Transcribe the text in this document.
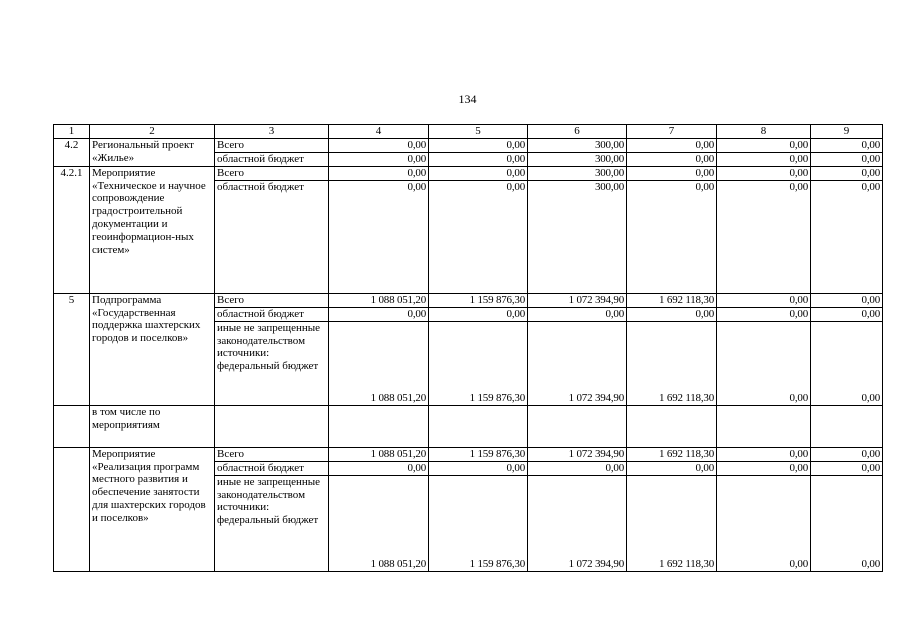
134
1	2	3	4	5	6	7	8	9
4.2	Региональный проект «Жилье»	Всего	0,00	0,00	300,00	0,00	0,00	0,00
		областной бюджет	0,00	0,00	300,00	0,00	0,00	0,00
4.2.1	Мероприятие «Техническое и научное сопровождение градостроительной документации и геоинформацион-ных систем»	Всего	0,00	0,00	300,00	0,00	0,00	0,00
		областной бюджет	0,00	0,00	300,00	0,00	0,00	0,00
5	Подпрограмма «Государственная поддержка шахтерских городов и поселков»	Всего	1 088 051,20	1 159 876,30	1 072 394,90	1 692 118,30	0,00	0,00
		областной бюджет	0,00	0,00	0,00	0,00	0,00	0,00
		иные не запрещенные законодательством источники: федеральный бюджет	1 088 051,20	1 159 876,30	1 072 394,90	1 692 118,30	0,00	0,00
	в том числе по мероприятиям							
	Мероприятие «Реализация программ местного развития и обеспечение занятости для шахтерских городов и поселков»	Всего	1 088 051,20	1 159 876,30	1 072 394,90	1 692 118,30	0,00	0,00
		областной бюджет	0,00	0,00	0,00	0,00	0,00	0,00
		иные не запрещенные законодательством источники: федеральный бюджет	1 088 051,20	1 159 876,30	1 072 394,90	1 692 118,30	0,00	0,00
